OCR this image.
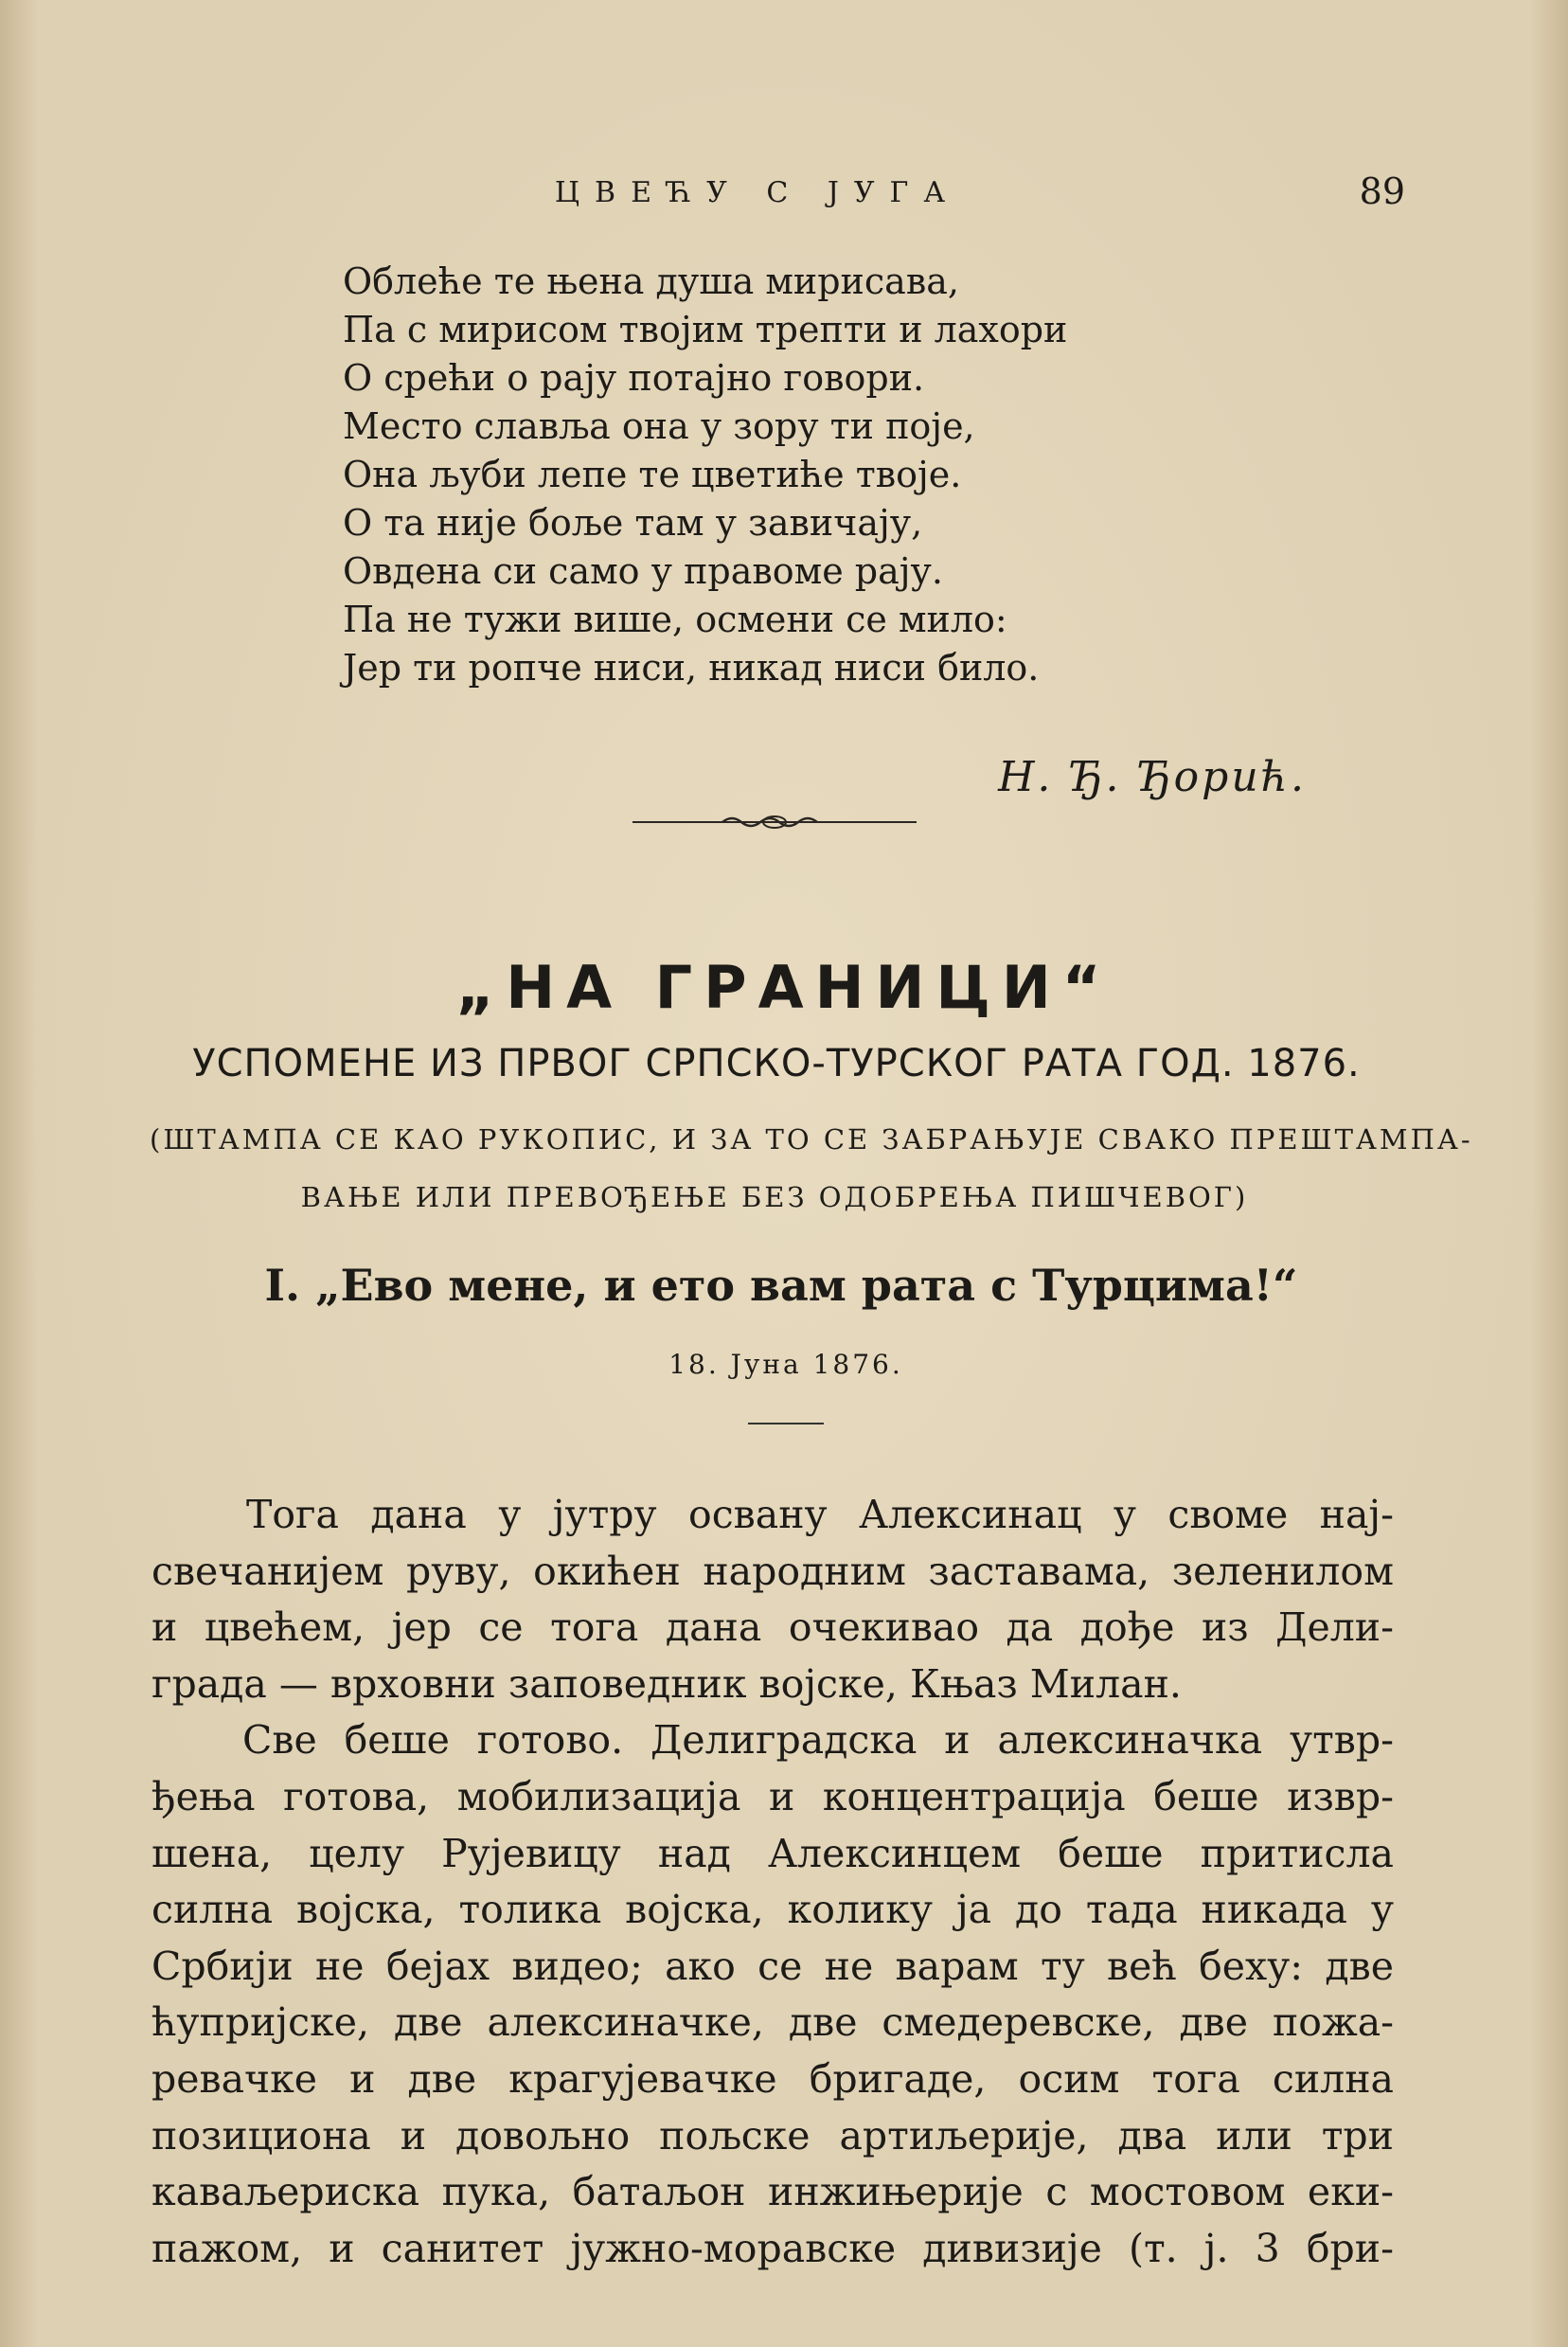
ЦВЕЋУ С ЈУГА	89
Облеће те њена душа мирисава,
Па с мирисом твојим трепти и лахори
О срећи о рају потајно говори.
Место славља она у зору ти поје,
Она љуби лепе те цветиће твоје.
О та није боље там у завичају,
Овдена си само у правоме рају.
Па не тужи више, осмени се мило:
Јер ти ропче ниси, никад ниси било.
Н. Ђ. Ђорић.
„НА ГРАНИЦИ“
УСПОМЕНЕ ИЗ ПРВОГ СРПСКО-ТУРСКОГ РАТА ГОД. 1876.
(ШТАМПА СЕ КАО РУКОПИС, И ЗА ТО СЕ ЗАБРАЊУЈЕ СВАКО ПРЕШТАМПА-
ВАЊЕ ИЛИ ПРЕВОЂЕЊЕ БЕЗ ОДОБРЕЊА ПИШЧЕВОГ)
I. „Ево мене, и ето вам рата с Турцима!“
18. Јуна 1876.
Тога дана у јутру освану Алексинац у своме нај-
свечанијем руву, окићен народним заставама, зеленилом
и цвећем, јер се тога дана очекивао да дође из Дели-
града — врховни заповедник војске, Књаз Милан.
Све беше готово. Делиградска и алексиначка утвр-
ђења готова, мобилизација и концентрација беше извр-
шена, целу Рујевицу над Алексинцем беше притисла
силна војска, толика војска, колику ја до тада никада у
Србији не бејах видео; ако се не варам ту већ беху: две
ћупријске, две алексиначке, две смедеревске, две пожа-
ревачке и две крагујевачке бригаде, осим тога силна
позициона и довољно пољске артиљерије, два или три
каваљериска пука, батаљон инжињерије с мостовом еки-
пажом, и санитет јужно-моравске дивизије (т. ј. 3 бри-
